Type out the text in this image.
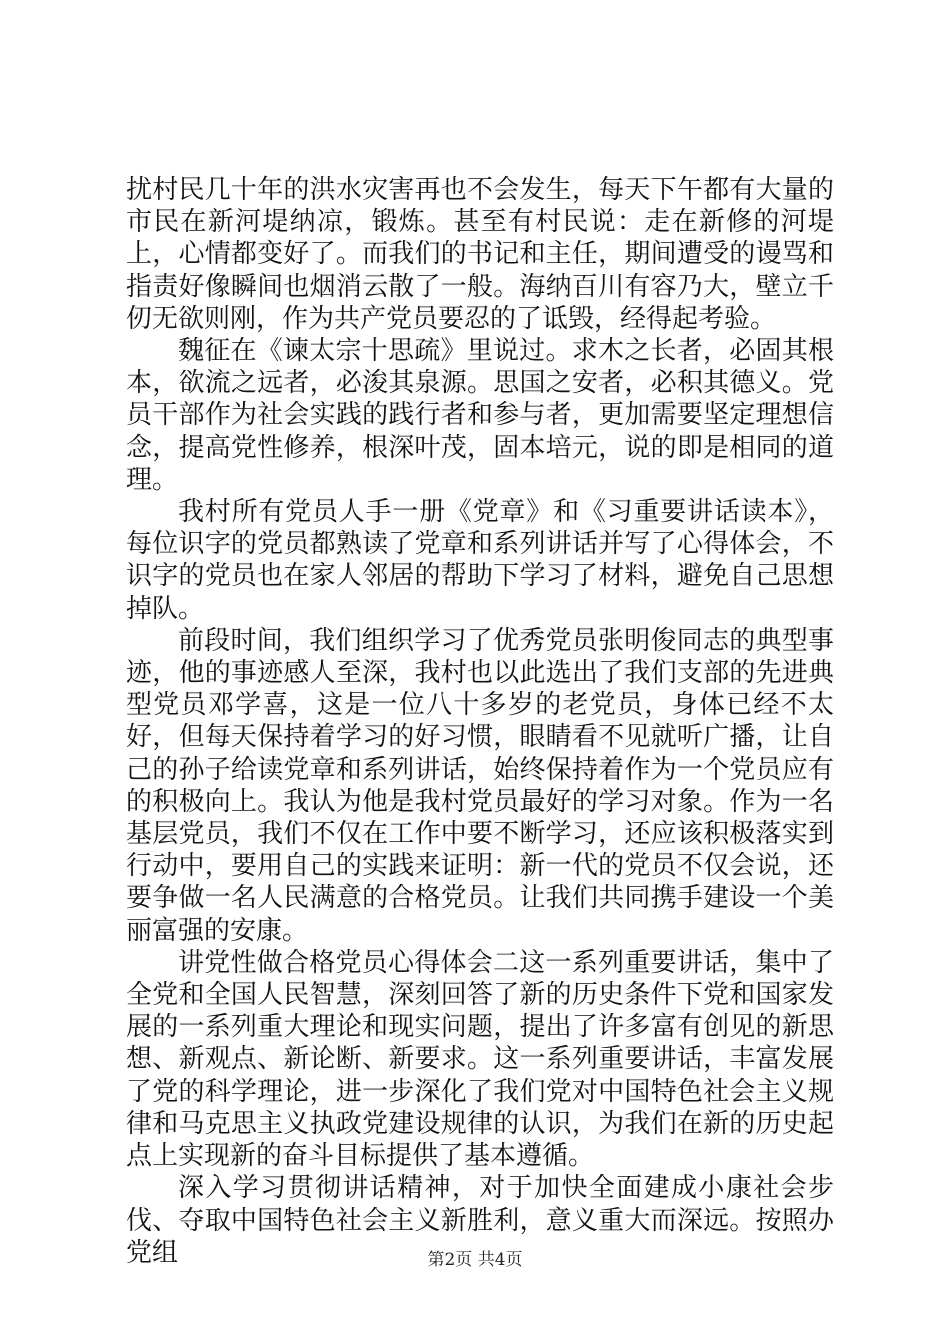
扰村民几十年的洪水灾害再也不会发生，每天下午都有大量的市民在新河堤纳凉，锻炼。甚至有村民说：走在新修的河堤上，心情都变好了。而我们的书记和主任，期间遭受的谩骂和指责好像瞬间也烟消云散了一般。海纳百川有容乃大，壁立千仞无欲则刚，作为共产党员要忍的了诋毁，经得起考验。

魏征在《谏太宗十思疏》里说过。求木之长者，必固其根本，欲流之远者，必浚其泉源。思国之安者，必积其德义。党员干部作为社会实践的践行者和参与者，更加需要坚定理想信念，提高党性修养，根深叶茂，固本培元，说的即是相同的道理。

我村所有党员人手一册《党章》和《习重要讲话读本》，每位识字的党员都熟读了党章和系列讲话并写了心得体会，不识字的党员也在家人邻居的帮助下学习了材料，避免自己思想掉队。

前段时间，我们组织学习了优秀党员张明俊同志的典型事迹，他的事迹感人至深，我村也以此选出了我们支部的先进典型党员邓学喜，这是一位八十多岁的老党员，身体已经不太好，但每天保持着学习的好习惯，眼睛看不见就听广播，让自己的孙子给读党章和系列讲话，始终保持着作为一个党员应有的积极向上。我认为他是我村党员最好的学习对象。作为一名基层党员，我们不仅在工作中要不断学习，还应该积极落实到行动中，要用自己的实践来证明：新一代的党员不仅会说，还要争做一名人民满意的合格党员。让我们共同携手建设一个美丽富强的安康。

讲党性做合格党员心得体会二这一系列重要讲话，集中了全党和全国人民智慧，深刻回答了新的历史条件下党和国家发展的一系列重大理论和现实问题，提出了许多富有创见的新思想、新观点、新论断、新要求。这一系列重要讲话，丰富发展了党的科学理论，进一步深化了我们党对中国特色社会主义规律和马克思主义执政党建设规律的认识，为我们在新的历史起点上实现新的奋斗目标提供了基本遵循。

深入学习贯彻讲话精神，对于加快全面建成小康社会步伐、夺取中国特色社会主义新胜利，意义重大而深远。按照办党组	第2页 共4页
